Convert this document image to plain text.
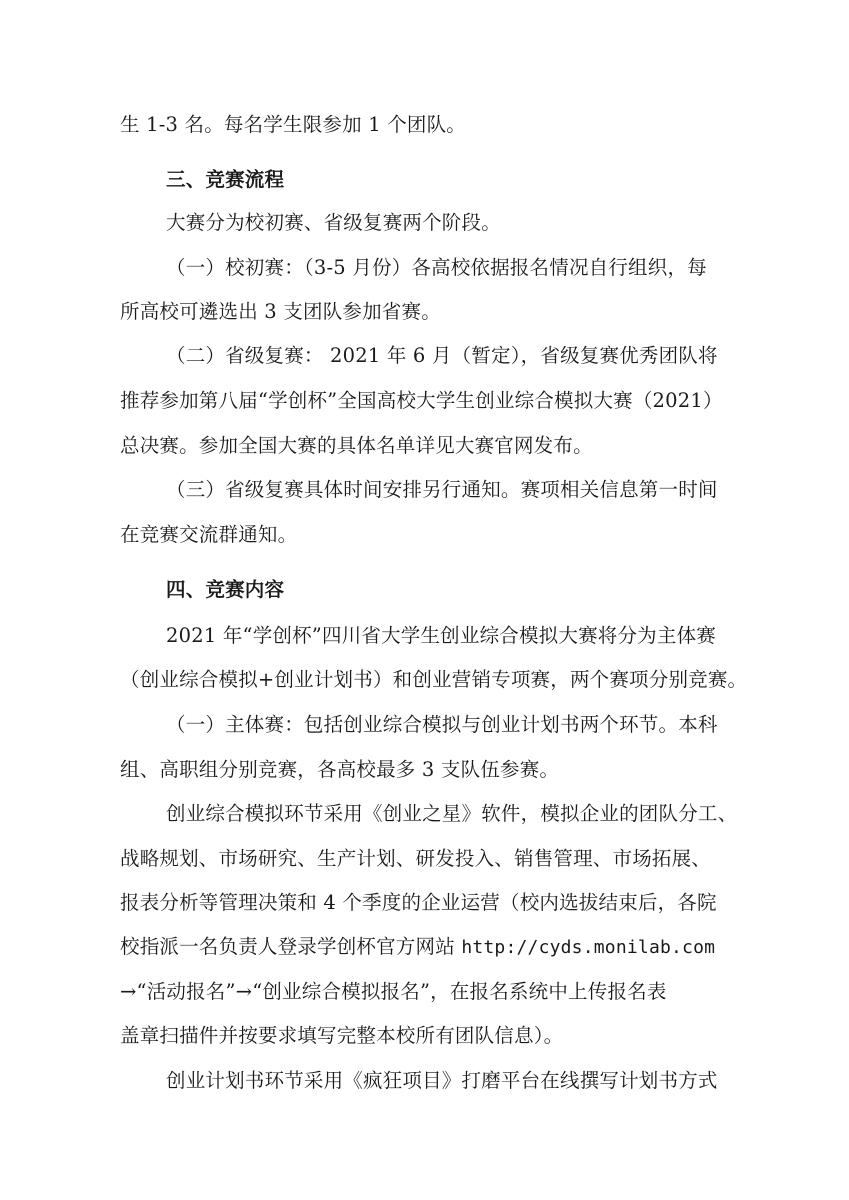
生 1-3 名。每名学生限参加 1 个团队。
三、竞赛流程
大赛分为校初赛、省级复赛两个阶段。
（一）校初赛：（3-5 月份）各高校依据报名情况自行组织，每
所高校可遴选出 3 支团队参加省赛。
（二）省级复赛： 2021 年 6 月（暂定），省级复赛优秀团队将
推荐参加第八届“学创杯”全国高校大学生创业综合模拟大赛（2021）
总决赛。参加全国大赛的具体名单详见大赛官网发布。
（三）省级复赛具体时间安排另行通知。赛项相关信息第一时间
在竞赛交流群通知。
四、竞赛内容
2021 年“学创杯”四川省大学生创业综合模拟大赛将分为主体赛
（创业综合模拟+创业计划书）和创业营销专项赛，两个赛项分别竞赛。
（一）主体赛：包括创业综合模拟与创业计划书两个环节。本科
组、高职组分别竞赛，各高校最多 3 支队伍参赛。
创业综合模拟环节采用《创业之星》软件，模拟企业的团队分工、
战略规划、市场研究、生产计划、研发投入、销售管理、市场拓展、
报表分析等管理决策和 4 个季度的企业运营（校内选拔结束后，各院
校指派一名负责人登录学创杯官方网站 http://cyds.monilab.com
→“活动报名”→“创业综合模拟报名”，在报名系统中上传报名表
盖章扫描件并按要求填写完整本校所有团队信息）。
创业计划书环节采用《疯狂项目》打磨平台在线撰写计划书方式
